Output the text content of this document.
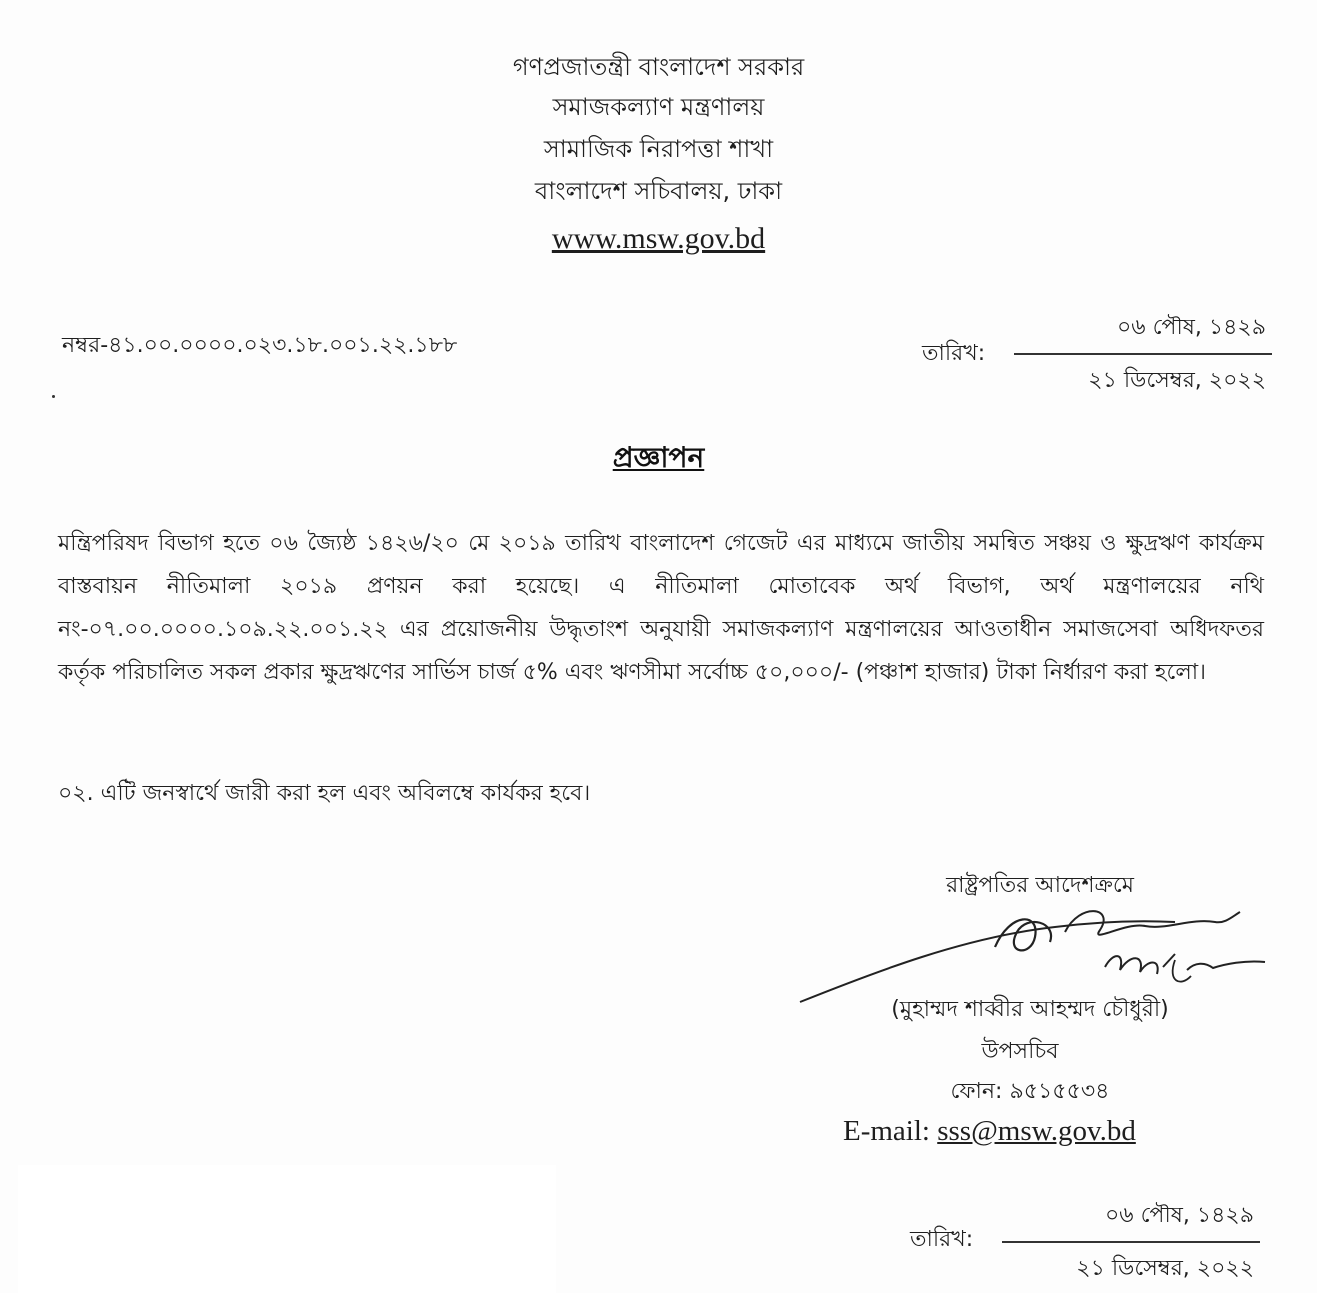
গণপ্রজাতন্ত্রী বাংলাদেশ সরকার
সমাজকল্যাণ মন্ত্রণালয়
সামাজিক নিরাপত্তা শাখা
বাংলাদেশ সচিবালয়, ঢাকা
www.msw.gov.bd
নম্বর-৪১.০০.০০০০.০২৩.১৮.০০১.২২.১৮৮	তারিখ:
০৬ পৌষ, ১৪২৯
২১ ডিসেম্বর, ২০২২
প্রজ্ঞাপন
মন্ত্রিপরিষদ বিভাগ হতে ০৬ জ্যৈষ্ঠ ১৪২৬/২০ মে ২০১৯ তারিখ বাংলাদেশ গেজেট এর মাধ্যমে জাতীয় সমন্বিত সঞ্চয় ও ক্ষুদ্রঋণ কার্যক্রম বাস্তবায়ন নীতিমালা ২০১৯ প্রণয়ন করা হয়েছে। এ নীতিমালা মোতাবেক অর্থ বিভাগ, অর্থ মন্ত্রণালয়ের নথি নং-০৭.০০.০০০০.১০৯.২২.০০১.২২ এর প্রয়োজনীয় উদ্ধৃতাংশ অনুযায়ী সমাজকল্যাণ মন্ত্রণালয়ের আওতাধীন সমাজসেবা অধিদফতর কর্তৃক পরিচালিত সকল প্রকার ক্ষুদ্রঋণের সার্ভিস চার্জ ৫% এবং ঋণসীমা সর্বোচ্চ ৫০,০০০/- (পঞ্চাশ হাজার) টাকা নির্ধারণ করা হলো।
০২. এটি জনস্বার্থে জারী করা হল এবং অবিলম্বে কার্যকর হবে।
রাষ্ট্রপতির আদেশক্রমে
(মুহাম্মদ শাব্বীর আহম্মদ চৌধুরী)
উপসচিব
ফোন: ৯৫১৫৫৩৪
E-mail: sss@msw.gov.bd
তারিখ:
০৬ পৌষ, ১৪২৯
২১ ডিসেম্বর, ২০২২
